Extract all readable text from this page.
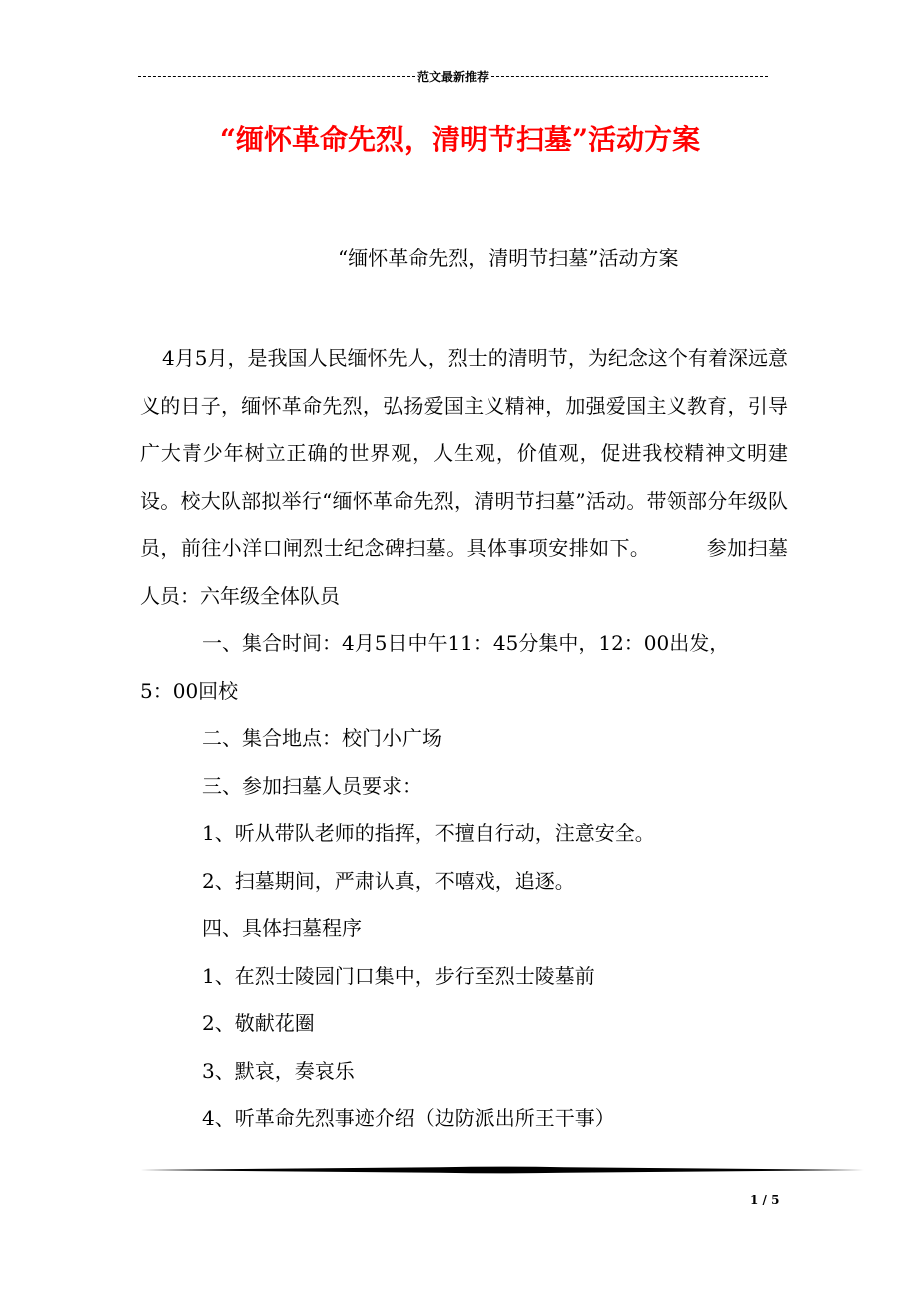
范文最新推荐
“缅怀革命先烈，清明节扫墓”活动方案
“缅怀革命先烈，清明节扫墓”活动方案

4月5月，是我国人民缅怀先人，烈士的清明节，为纪念这个有着深远意义的日子，缅怀革命先烈，弘扬爱国主义精神，加强爱国主义教育，引导广大青少年树立正确的世界观，人生观，价值观，促进我校精神文明建设。校大队部拟举行“缅怀革命先烈，清明节扫墓”活动。带领部分年级队员，前往小洋口闸烈士纪念碑扫墓。具体事项安排如下。	参加扫墓人员：六年级全体队员

一、集合时间：4月5日中午11：45分集中，12：00出发，

5：00回校

二、集合地点：校门小广场

三、参加扫墓人员要求：

1、听从带队老师的指挥，不擅自行动，注意安全。

2、扫墓期间，严肃认真，不嘻戏，追逐。

四、具体扫墓程序

1、在烈士陵园门口集中，步行至烈士陵墓前

2、敬献花圈

3、默哀，奏哀乐

4、听革命先烈事迹介绍（边防派出所王干事）

1 / 5
